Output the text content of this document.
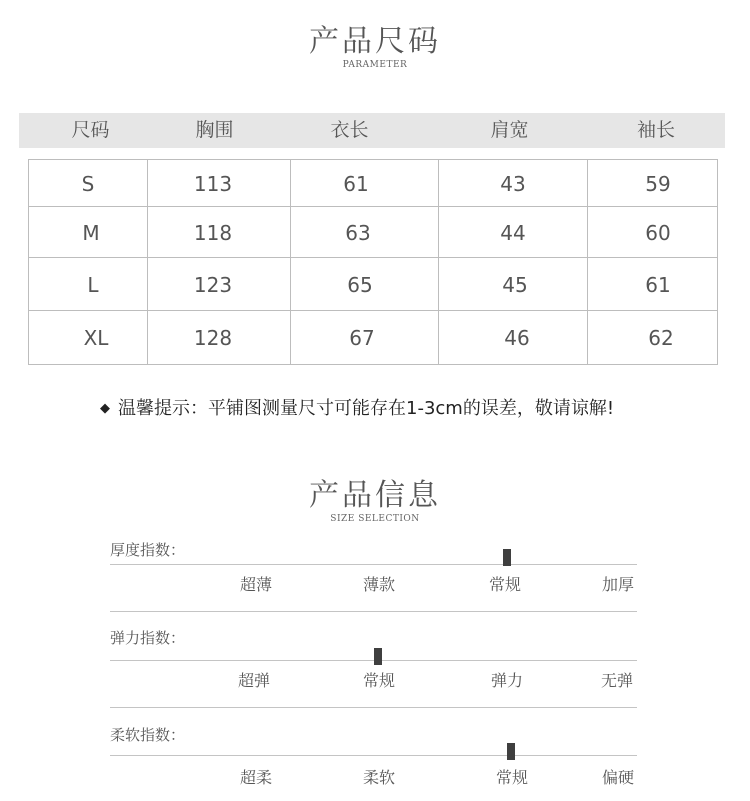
产品尺码
PARAMETER
尺码	胸围	衣长	肩宽	袖长
S	113	61	43	59
M	118	63	44	60
L	123	65	45	61
XL	128	67	46	62
◆ 温馨提示：平铺图测量尺寸可能存在1-3cm的误差，敬请谅解!
产品信息
SIZE SELECTION
厚度指数：
超薄	薄款	常规	加厚
弹力指数：
超弹	常规	弹力	无弹
柔软指数：
超柔	柔软	常规	偏硬
